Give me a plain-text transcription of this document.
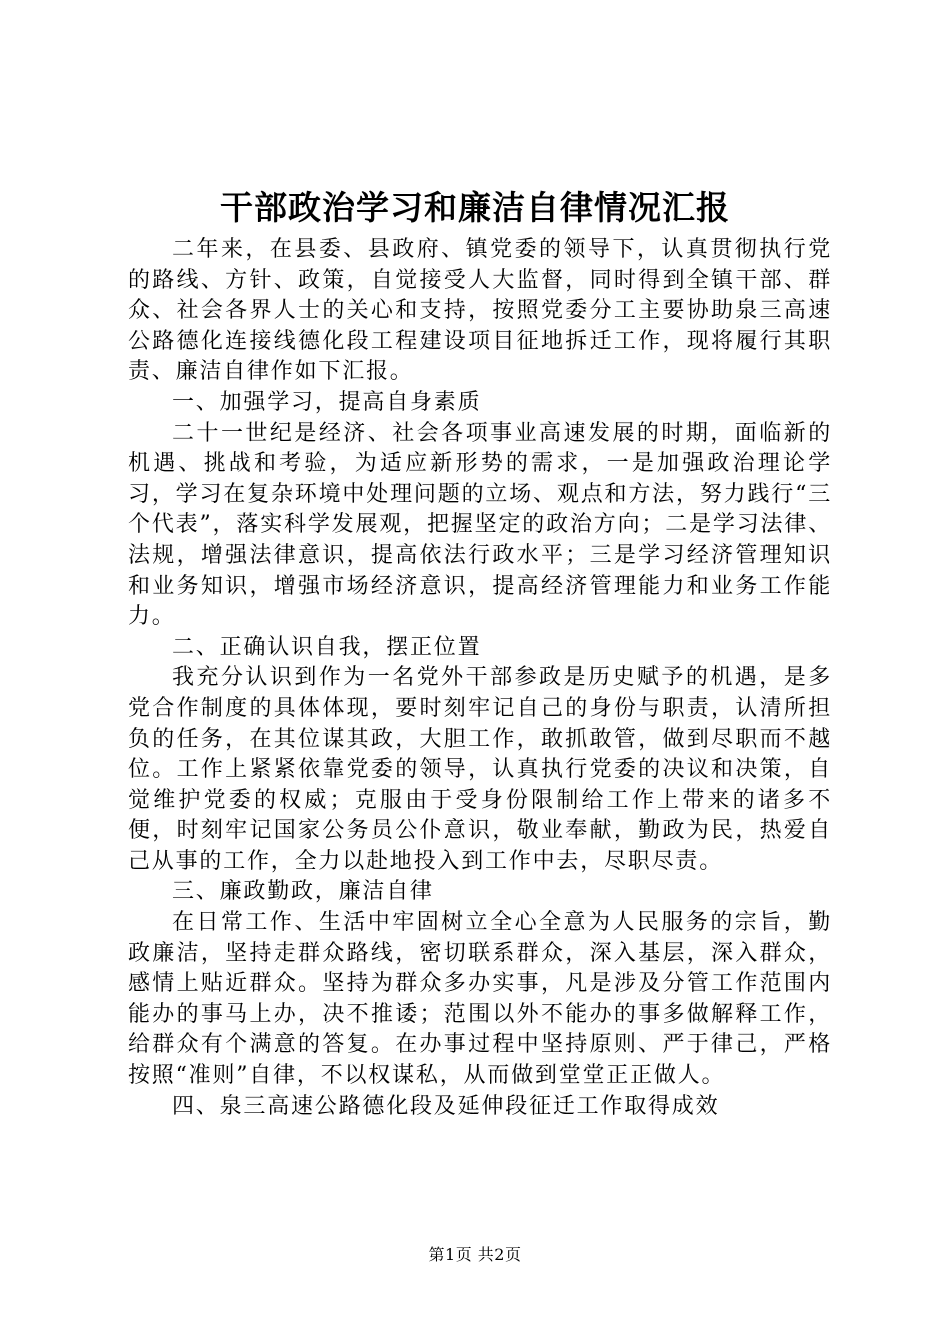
干部政治学习和廉洁自律情况汇报

二年来，在县委、县政府、镇党委的领导下，认真贯彻执行党的路线、方针、政策，自觉接受人大监督，同时得到全镇干部、群众、社会各界人士的关心和支持，按照党委分工主要协助泉三高速公路德化连接线德化段工程建设项目征地拆迁工作，现将履行其职责、廉洁自律作如下汇报。

一、加强学习，提高自身素质

二十一世纪是经济、社会各项事业高速发展的时期，面临新的机遇、挑战和考验，为适应新形势的需求，一是加强政治理论学习，学习在复杂环境中处理问题的立场、观点和方法，努力践行“三个代表”，落实科学发展观，把握坚定的政治方向；二是学习法律、法规，增强法律意识，提高依法行政水平；三是学习经济管理知识和业务知识，增强市场经济意识，提高经济管理能力和业务工作能力。

二、正确认识自我，摆正位置

我充分认识到作为一名党外干部参政是历史赋予的机遇，是多党合作制度的具体体现，要时刻牢记自己的身份与职责，认清所担负的任务，在其位谋其政，大胆工作，敢抓敢管，做到尽职而不越位。工作上紧紧依靠党委的领导，认真执行党委的决议和决策，自觉维护党委的权威；克服由于受身份限制给工作上带来的诸多不便，时刻牢记国家公务员公仆意识，敬业奉献，勤政为民，热爱自己从事的工作，全力以赴地投入到工作中去，尽职尽责。

三、廉政勤政，廉洁自律

在日常工作、生活中牢固树立全心全意为人民服务的宗旨，勤政廉洁，坚持走群众路线，密切联系群众，深入基层，深入群众，感情上贴近群众。坚持为群众多办实事，凡是涉及分管工作范围内能办的事马上办，决不推诿；范围以外不能办的事多做解释工作，给群众有个满意的答复。在办事过程中坚持原则、严于律己，严格按照“准则”自律，不以权谋私，从而做到堂堂正正做人。

四、泉三高速公路德化段及延伸段征迁工作取得成效

第1页 共2页
